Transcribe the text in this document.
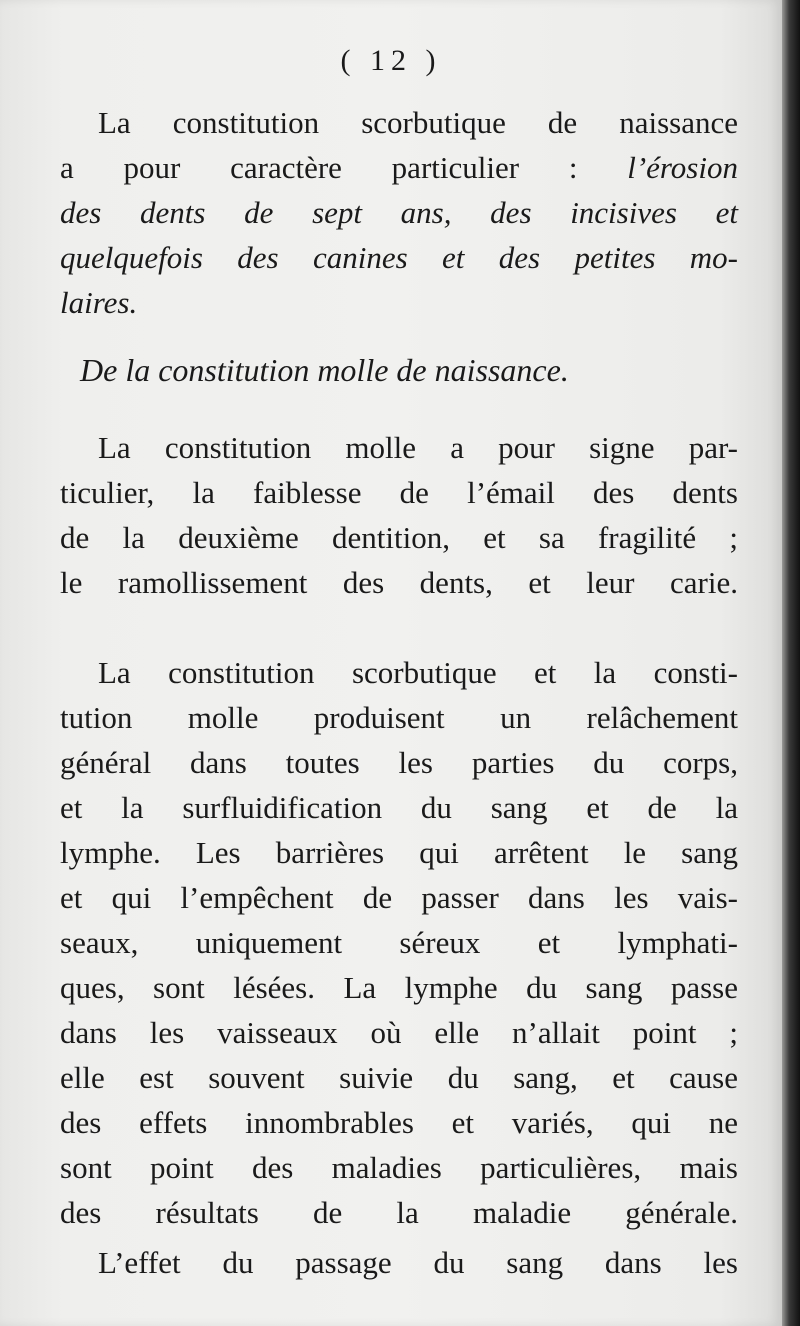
( 12 )
La constitution scorbutique de naissance
a pour caractère particulier : l’érosion
des dents de sept ans, des incisives et
quelquefois des canines et des petites mo-
laires.
De la constitution molle de naissance.
La constitution molle a pour signe par-
ticulier, la faiblesse de l’émail des dents
de la deuxième dentition, et sa fragilité ;
le ramollissement des dents, et leur carie.
La constitution scorbutique et la consti-
tution molle produisent un relâchement
général dans toutes les parties du corps,
et la surfluidification du sang et de la
lymphe. Les barrières qui arrêtent le sang
et qui l’empêchent de passer dans les vais-
seaux, uniquement séreux et lymphati-
ques, sont lésées. La lymphe du sang passe
dans les vaisseaux où elle n’allait point ;
elle est souvent suivie du sang, et cause
des effets innombrables et variés, qui ne
sont point des maladies particulières, mais
des résultats de la maladie générale.
L’effet du passage du sang dans les
